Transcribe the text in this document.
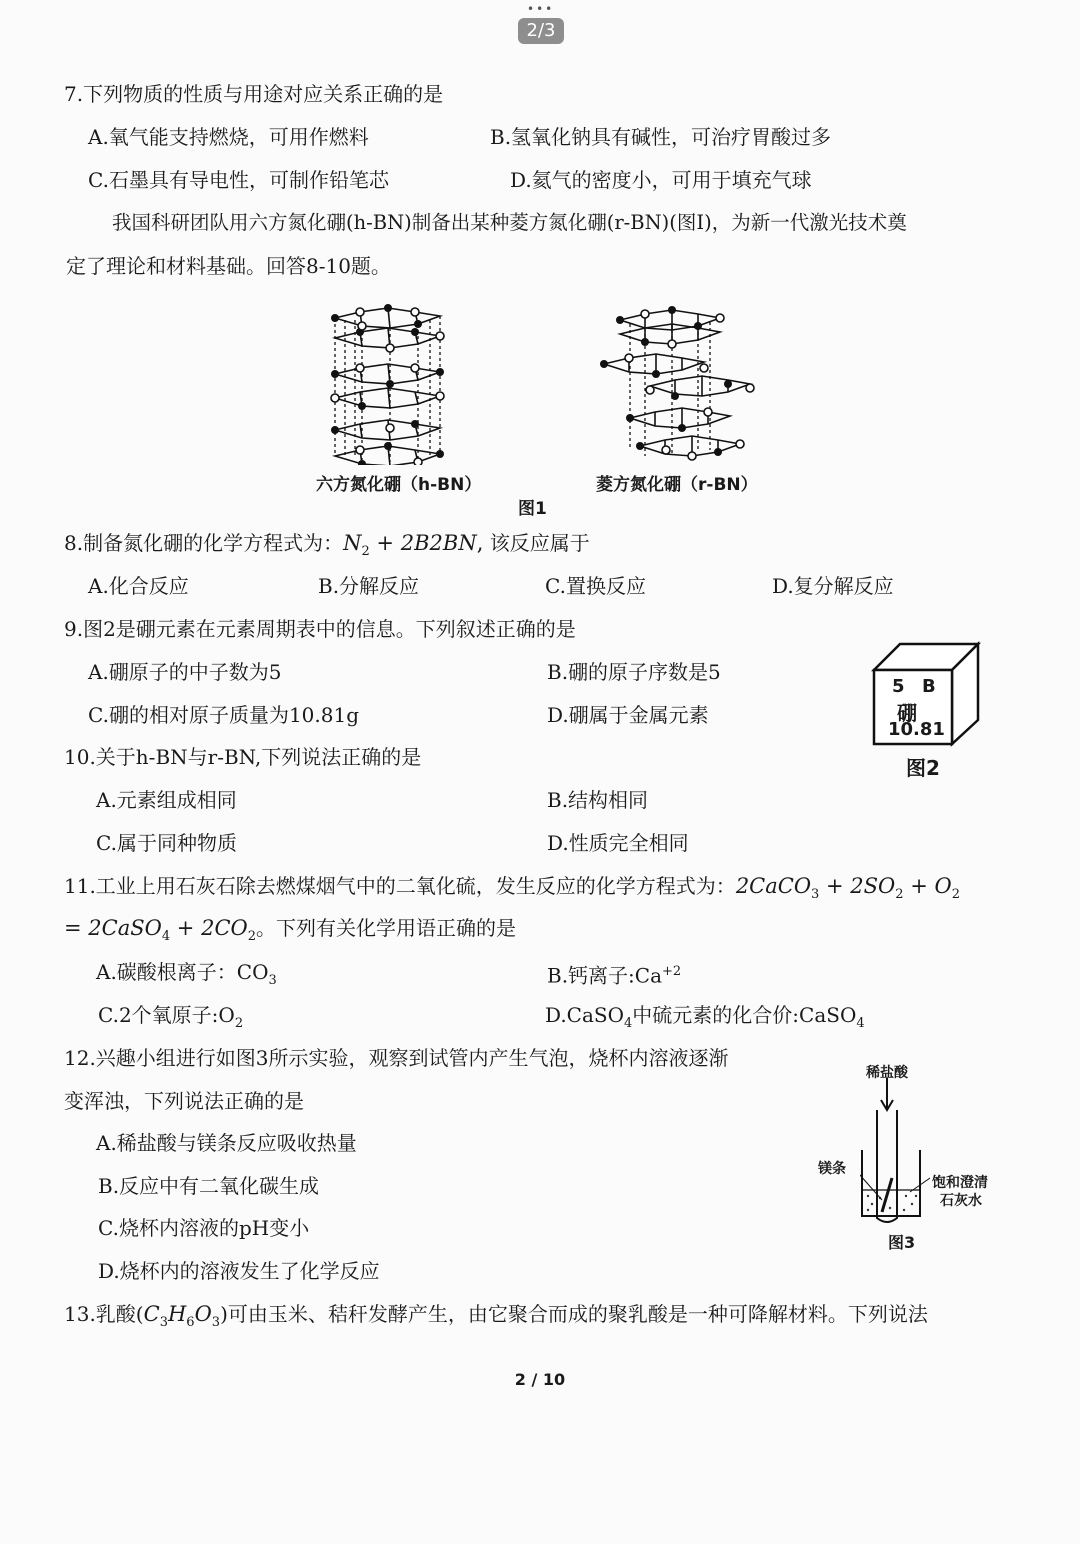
•••
2/3
7.下列物质的性质与用途对应关系正确的是
A.氧气能支持燃烧，可用作燃料	B.氢氧化钠具有碱性，可治疗胃酸过多
C.石墨具有导电性，可制作铅笔芯	D.氦气的密度小，可用于填充气球
我国科研团队用六方氮化硼(h-BN)制备出某种菱方氮化硼(r-BN)(图Ⅰ)，为新一代激光技术奠
定了理论和材料基础。回答8-10题。
六方氮化硼（h-BN）	菱方氮化硼（r-BN）
图1
8.制备氮化硼的化学方程式为：$N_2 + 2B2BN$, 该反应属于
A.化合反应	B.分解反应	C.置换反应	D.复分解反应
9.图2是硼元素在元素周期表中的信息。下列叙述正确的是
A.硼原子的中子数为5	B.硼的原子序数是5
C.硼的相对原子质量为10.81g	D.硼属于金属元素
5 B
硼
10.81
图2
10.关于h-BN与r-BN,下列说法正确的是
A.元素组成相同	B.结构相同
C.属于同种物质	D.性质完全相同
11.工业上用石灰石除去燃煤烟气中的二氧化硫，发生反应的化学方程式为：2CaCO$_3$ + $2SO_2 + O_2$
= 2CaSO$_4$ + $2CO_2$。下列有关化学用语正确的是
A.碳酸根离子：$CO_3$	B.钙离子$:Ca^{+2}$
C.2个氧原子$:O_2$	D.CaSO$_4$中硫元素的化合价:CaSO$_4$
12.兴趣小组进行如图3所示实验，观察到试管内产生气泡，烧杯内溶液逐渐
变浑浊，下列说法正确的是
A.稀盐酸与镁条反应吸收热量
B.反应中有二氧化碳生成
C.烧杯内溶液的pH变小
D.烧杯内的溶液发生了化学反应
稀盐酸
镁条
饱和澄清
石灰水
图3
13.乳酸$(C_3H_6O_3)$可由玉米、秸秆发酵产生，由它聚合而成的聚乳酸是一种可降解材料。下列说法
2 / 10
